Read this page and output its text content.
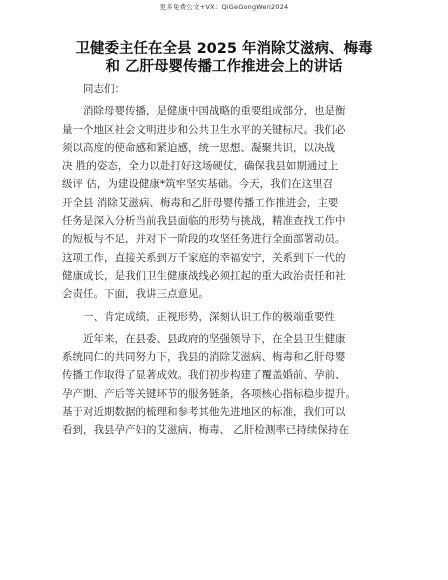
更多免费公文+VX：QiGeGongWen2024
卫健委主任在全县 2025 年消除艾滋病、梅毒
和 乙肝母婴传播工作推进会上的讲话
同志们：
消除母婴传播，是健康中国战略的重要组成部分，也是衡
量一个地区社会文明进步和公共卫生水平的关键标尺。我们必
须以高度的使命感和紧迫感，统一思想、凝聚共识，以决战
决 胜的姿态，全力以赴打好这场硬仗，确保我县如期通过上
级评 估，为建设健康*筑牢坚实基础。今天，我们在这里召
开全县 消除艾滋病、梅毒和乙肝母婴传播工作推进会，主要
任务是深入分析当前我县面临的形势与挑战，精准查找工作中
的短板与不足，并对下一阶段的攻坚任务进行全面部署动员。
这项工作，直接关系到万千家庭的幸福安宁，关系到下一代的
健康成长，是我们卫生健康战线必须扛起的重大政治责任和社
会责任。下面，我讲三点意见。
一、肯定成绩，正视形势，深刻认识工作的极端重要性
近年来，在县委、县政府的坚强领导下，在全县卫生健康
系统同仁的共同努力下，我县的消除艾滋病、梅毒和乙肝母婴
传播工作取得了显著成效。我们初步构建了覆盖婚前、孕前、
孕产期、产后等关键环节的服务链条，各项核心指标稳步提升。
基于对近期数据的梳理和参考其他先进地区的标准，我们可以
看到，我县孕产妇的艾滋病、梅毒、 乙肝检测率已持续保持在
